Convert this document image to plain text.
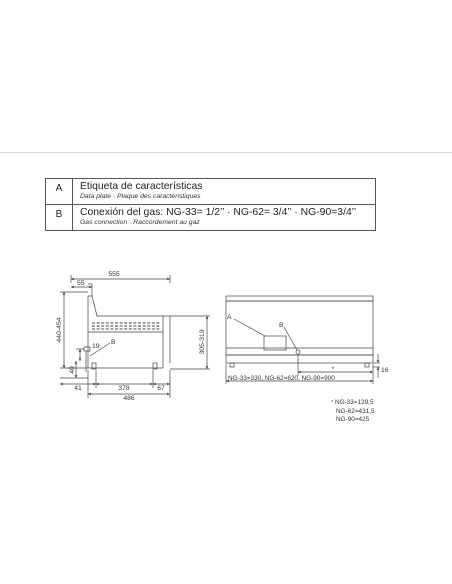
A	Etiqueta de características
Data plate · Plaque des caractéristiques

B	Conexión del gas: NG-33= 1/2’’ · NG-62= 3/4’’ · NG-90=3/4’’
Gas connection · Raccordement au gaz
555
55
440-454
19
B	305-319
40
41	378	67
486
A
B
*	16
NG-33=330, NG-62=620, NG-90=900
* NG-33=139,5
NG-62=431,5
NG-90=425
